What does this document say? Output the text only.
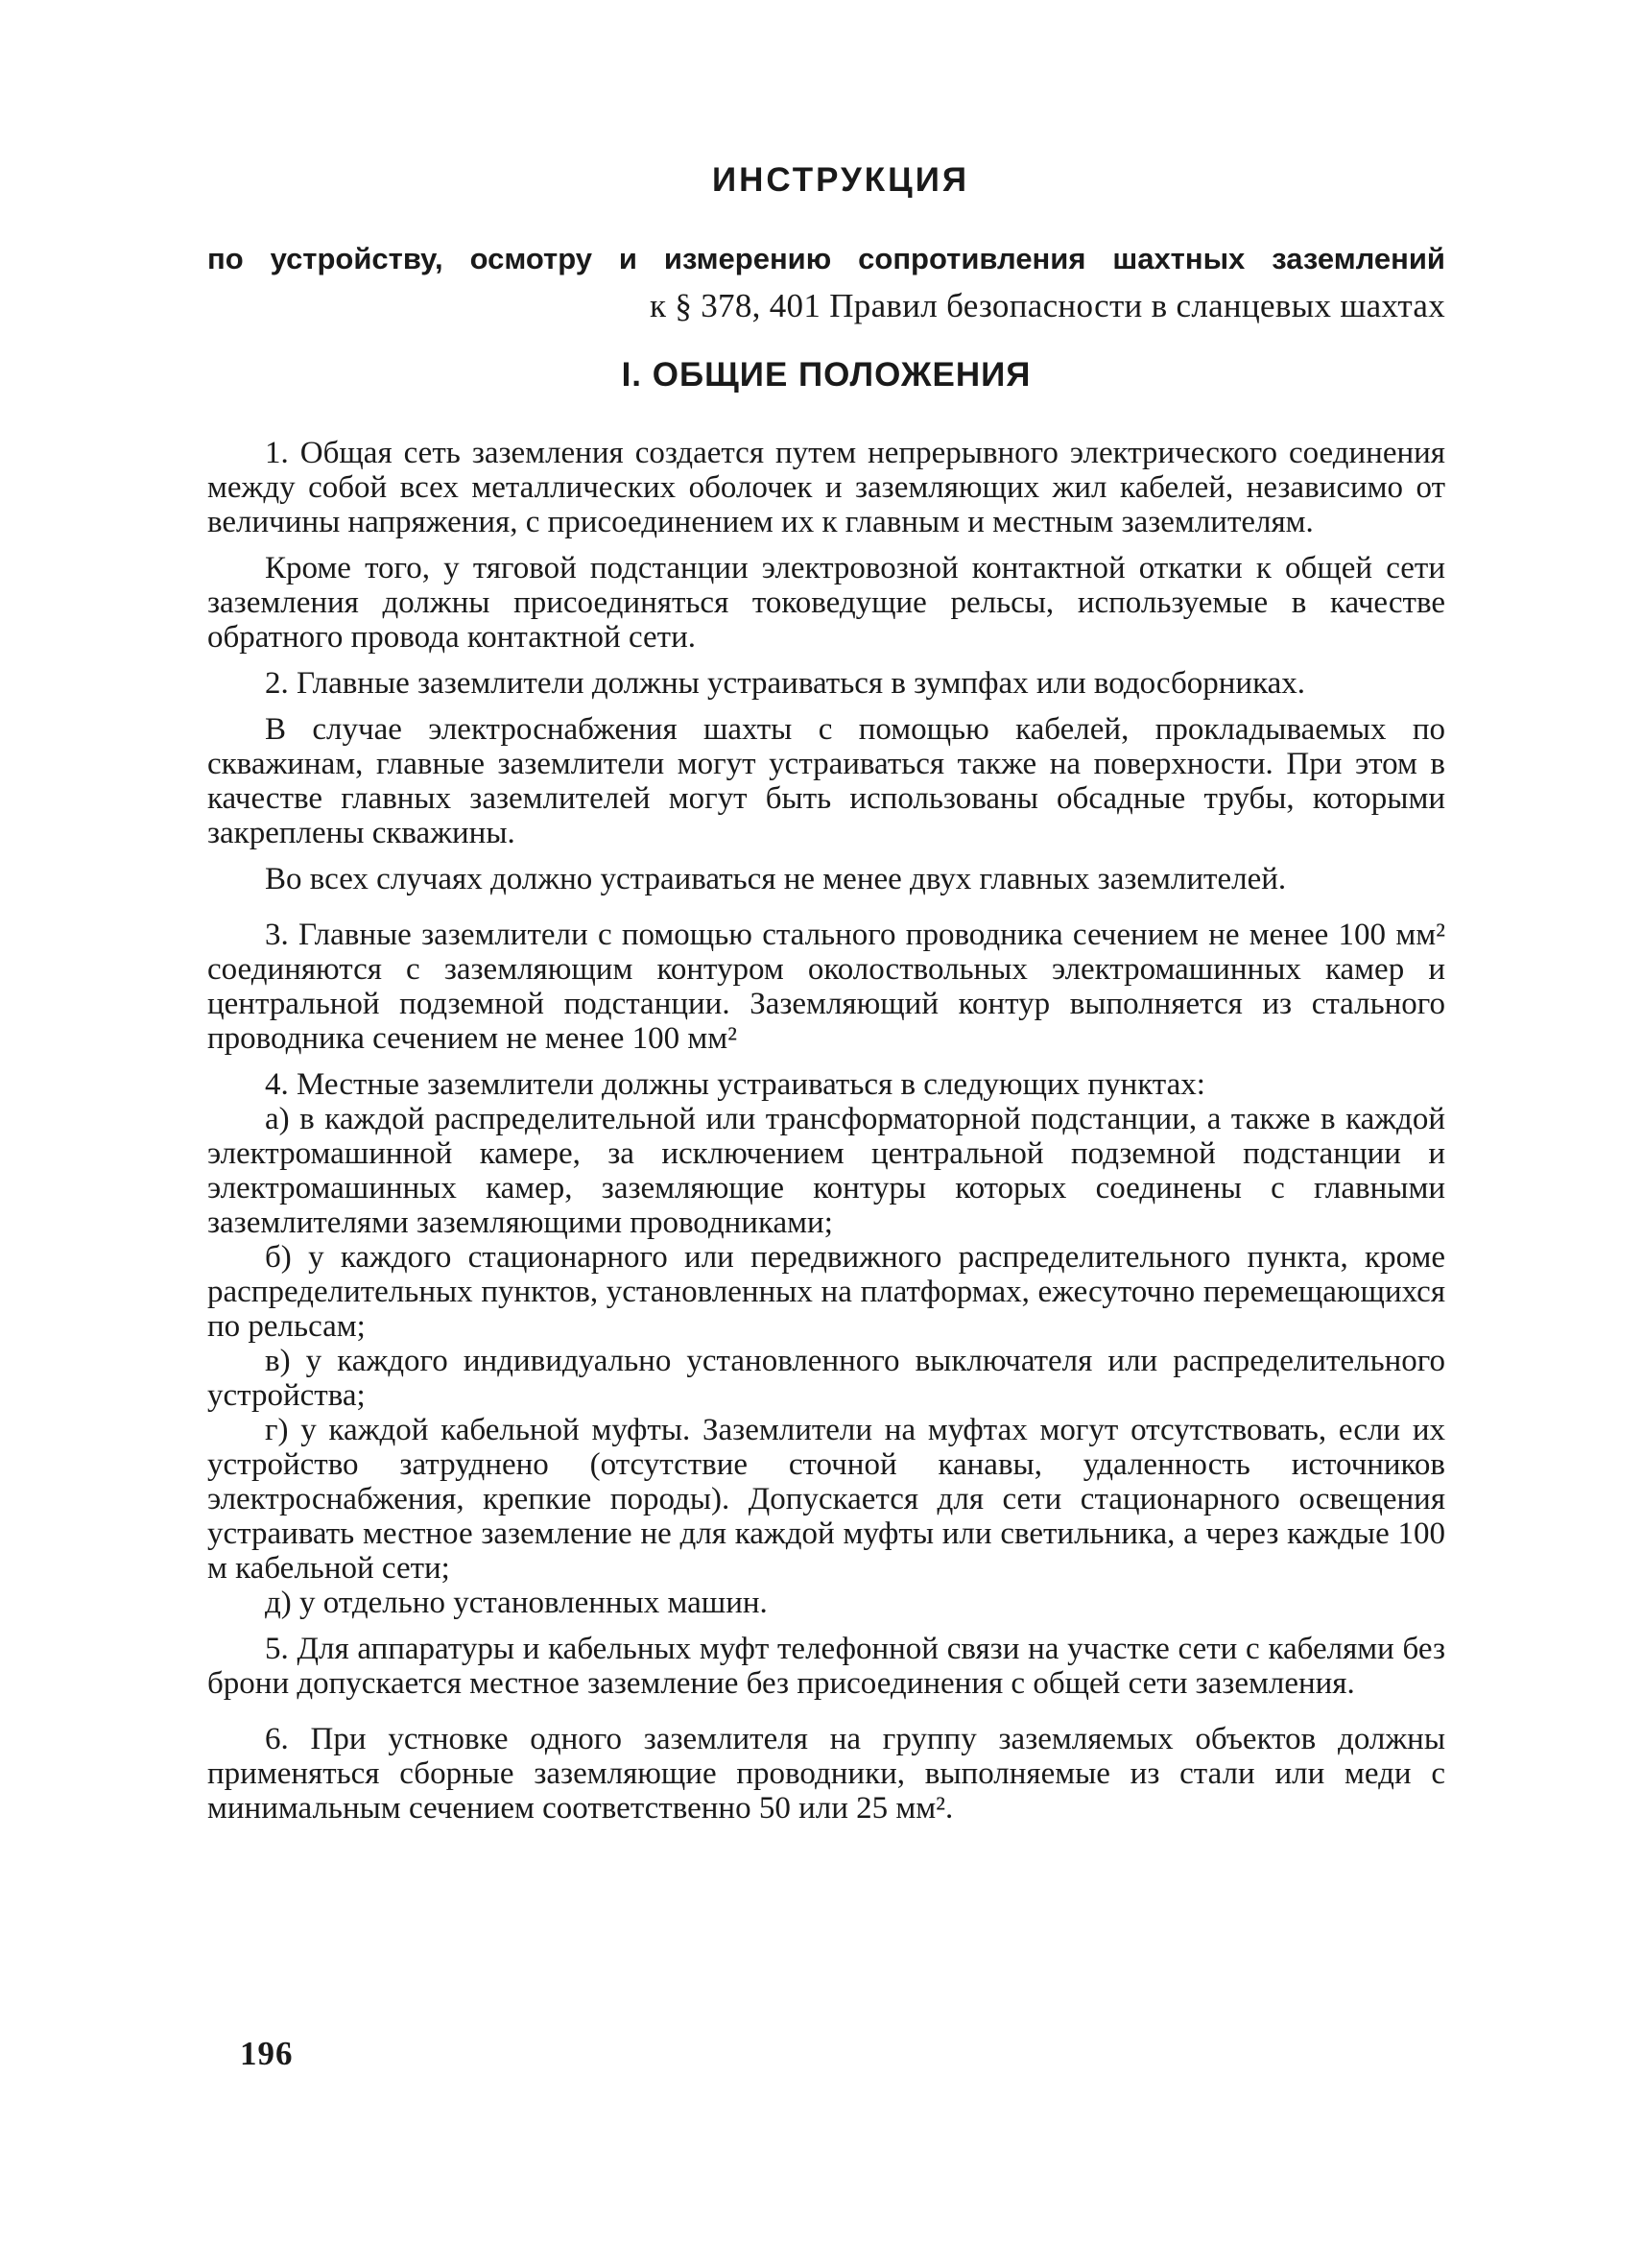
ИНСТРУКЦИЯ

по устройству, осмотру и измерению сопротивления шахтных заземлений

к § 378, 401 Правил безопасности в сланцевых шахтах

I. ОБЩИЕ ПОЛОЖЕНИЯ

1. Общая сеть заземления создается путем непрерывного электрического соединения между собой всех металлических оболочек и заземляющих жил кабелей, независимо от величины напряжения, с присоединением их к главным и местным заземлителям.

Кроме того, у тяговой подстанции электровозной контактной откатки к общей сети заземления должны присоединяться токоведущие рельсы, используемые в качестве обратного провода контактной сети.

2. Главные заземлители должны устраиваться в зумпфах или водосборниках.

В случае электроснабжения шахты с помощью кабелей, прокладываемых по скважинам, главные заземлители могут устраиваться также на поверхности. При этом в качестве главных заземлителей могут быть использованы обсадные трубы, которыми закреплены скважины.

Во всех случаях должно устраиваться не менее двух главных заземлителей.

3. Главные заземлители с помощью стального проводника сечением не менее 100 мм² соединяются с заземляющим контуром околоствольных электромашинных камер и центральной подземной подстанции. Заземляющий контур выполняется из стального проводника сечением не менее 100 мм²

4. Местные заземлители должны устраиваться в следующих пунктах:

а) в каждой распределительной или трансформаторной подстанции, а также в каждой электромашинной камере, за исключением центральной подземной подстанции и электромашинных камер, заземляющие контуры которых соединены с главными заземлителями заземляющими проводниками;

б) у каждого стационарного или передвижного распределительного пункта, кроме распределительных пунктов, установленных на платформах, ежесуточно перемещающихся по рельсам;

в) у каждого индивидуально установленного выключателя или распределительного устройства;

г) у каждой кабельной муфты. Заземлители на муфтах могут отсутствовать, если их устройство затруднено (отсутствие сточной канавы, удаленность источников электроснабжения, крепкие породы). Допускается для сети стационарного освещения устраивать местное заземление не для каждой муфты или светильника, а через каждые 100 м кабельной сети;

д) у отдельно установленных машин.

5. Для аппаратуры и кабельных муфт телефонной связи на участке сети с кабелями без брони допускается местное заземление без присоединения с общей сети заземления.

6. При устновке одного заземлителя на группу заземляемых объектов должны применяться сборные заземляющие проводники, выполняемые из стали или меди с минимальным сечением соответственно 50 или 25 мм².

196
